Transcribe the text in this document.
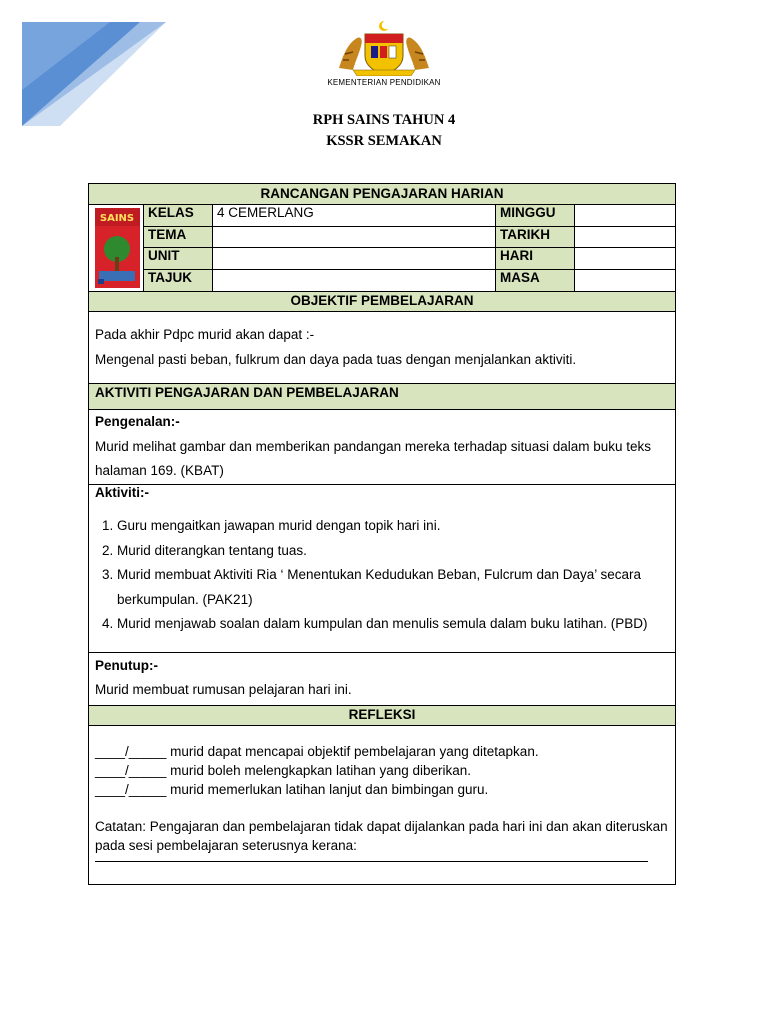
KEMENTERIAN PENDIDIKAN
RPH SAINS TAHUN 4
KSSR SEMAKAN
RANCANGAN PENGAJARAN HARIAN
SAINS KELAS	4 CEMERLANG	MINGGU
TEMA	TARIKH
UNIT	HARI
TAJUK	MASA
OBJEKTIF PEMBELAJARAN

Pada akhir Pdpc murid akan dapat :-

Mengenal pasti beban, fulkrum dan daya pada tuas dengan menjalankan aktiviti.

AKTIVITI PENGAJARAN DAN PEMBELAJARAN

Pengenalan:-

Murid melihat gambar dan memberikan pandangan mereka terhadap situasi dalam buku teks halaman 169. (KBAT)

Aktiviti:-

1. Guru mengaitkan jawapan murid dengan topik hari ini.
2. Murid diterangkan tentang tuas.
3. Murid membuat Aktiviti Ria ‘ Menentukan Kedudukan Beban, Fulcrum dan Daya’ secara berkumpulan. (PAK21)
4. Murid menjawab soalan dalam kumpulan dan menulis semula dalam buku latihan. (PBD)

Penutup:-

Murid membuat rumusan pelajaran hari ini.

REFLEKSI

____/_____ murid dapat mencapai objektif pembelajaran yang ditetapkan.

____/_____ murid boleh melengkapkan latihan yang diberikan.

____/_____ murid memerlukan latihan lanjut dan bimbingan guru.

Catatan: Pengajaran dan pembelajaran tidak dapat dijalankan pada hari ini dan akan diteruskan pada sesi pembelajaran seterusnya kerana:
